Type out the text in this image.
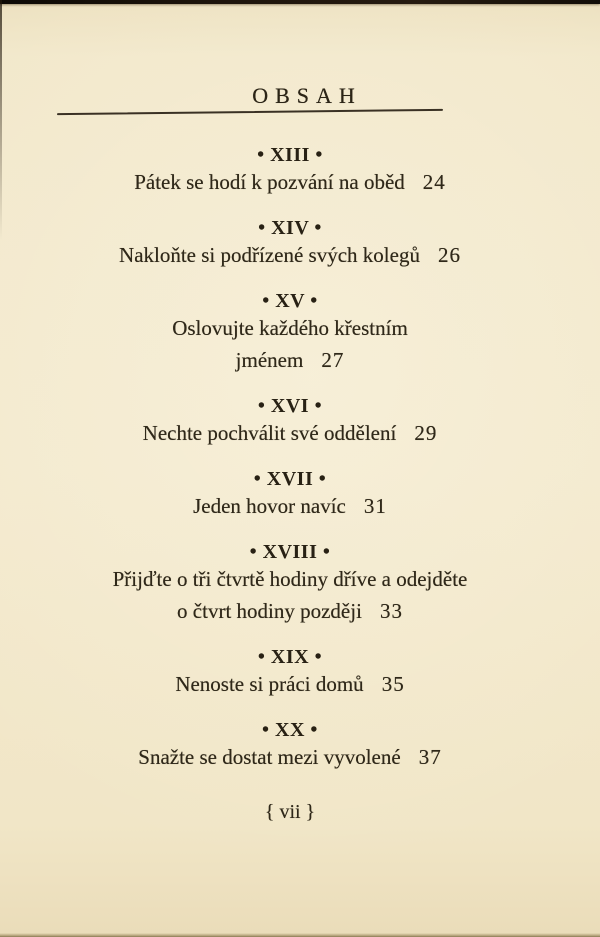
OBSAH
• XIII •
Pátek se hodí k pozvání na oběd 24
• XIV •
Nakloňte si podřízené svých kolegů 26
• XV •
Oslovujte každého křestním
jménem 27
• XVI •
Nechte pochválit své oddělení 29
• XVII •
Jeden hovor navíc 31
• XVIII •
Přijďte o tři čtvrtě hodiny dříve a odejděte
o čtvrt hodiny později 33
• XIX •
Nenoste si práci domů 35
• XX •
Snažte se dostat mezi vyvolené 37
{ vii }
